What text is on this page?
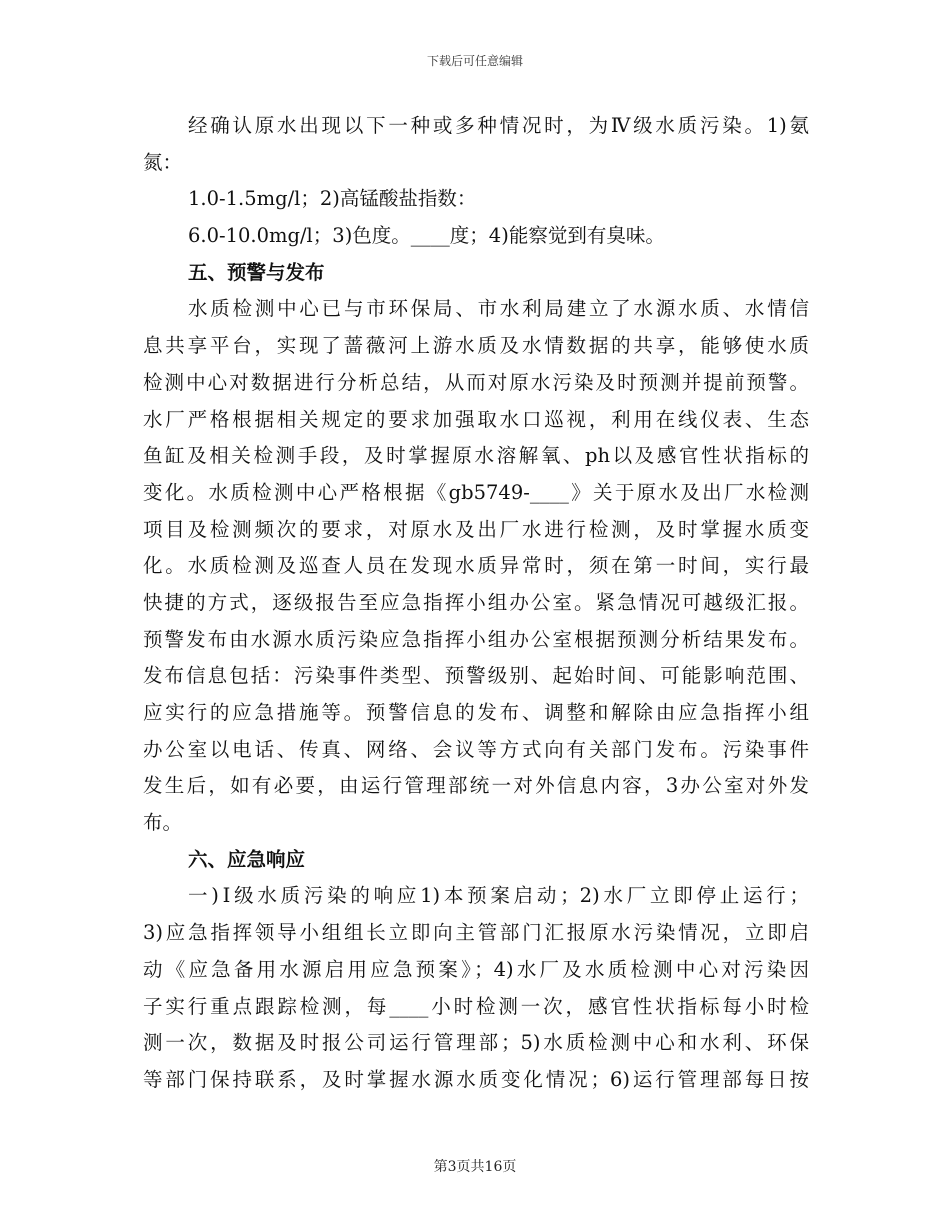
下载后可任意编辑
经确认原水出现以下一种或多种情况时，为Ⅳ级水质污染。1)氨
氮：
1.0-1.5mg/l；2)高锰酸盐指数：
6.0-10.0mg/l；3)色度。____度；4)能察觉到有臭味。
五、预警与发布
水质检测中心已与市环保局、市水利局建立了水源水质、水情信
息共享平台，实现了蔷薇河上游水质及水情数据的共享，能够使水质
检测中心对数据进行分析总结，从而对原水污染及时预测并提前预警。
水厂严格根据相关规定的要求加强取水口巡视，利用在线仪表、生态
鱼缸及相关检测手段，及时掌握原水溶解氧、ph以及感官性状指标的
变化。水质检测中心严格根据《gb5749-____》关于原水及出厂水检测
项目及检测频次的要求，对原水及出厂水进行检测，及时掌握水质变
化。水质检测及巡查人员在发现水质异常时，须在第一时间，实行最
快捷的方式，逐级报告至应急指挥小组办公室。紧急情况可越级汇报。
预警发布由水源水质污染应急指挥小组办公室根据预测分析结果发布。
发布信息包括：污染事件类型、预警级别、起始时间、可能影响范围、
应实行的应急措施等。预警信息的发布、调整和解除由应急指挥小组
办公室以电话、传真、网络、会议等方式向有关部门发布。污染事件
发生后，如有必要，由运行管理部统一对外信息内容，3办公室对外发
布。
六、应急响应
一)Ⅰ级水质污染的响应1)本预案启动；2)水厂立即停止运行；
3)应急指挥领导小组组长立即向主管部门汇报原水污染情况，立即启
动《应急备用水源启用应急预案》；4)水厂及水质检测中心对污染因
子实行重点跟踪检测，每____小时检测一次，感官性状指标每小时检
测一次，数据及时报公司运行管理部；5)水质检测中心和水利、环保
等部门保持联系，及时掌握水源水质变化情况；6)运行管理部每日按
第3页共16页
